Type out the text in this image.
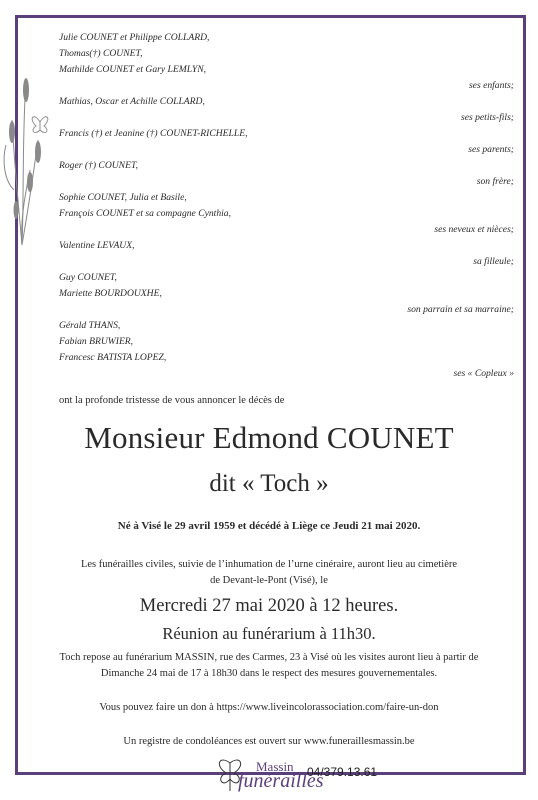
Julie COUNET et Philippe COLLARD,
Thomas(†) COUNET,
Mathilde COUNET et Gary LEMLYN,
ses enfants;
Mathias, Oscar et Achille COLLARD,
ses petits-fils;
Francis (†) et Jeanine (†) COUNET-RICHELLE,
ses parents;
Roger (†) COUNET,
son frère;
Sophie COUNET, Julia et Basile,
François COUNET et sa compagne Cynthia,
ses neveux et nièces;
Valentine LEVAUX,
sa filleule;
Guy COUNET,
Mariette BOURDOUXHE,
son parrain et sa marraine;
Gérald THANS,
Fabian BRUWIER,
Francesc BATISTA LOPEZ,
ses « Copleux »
ont la profonde tristesse de vous annoncer le décès de
Monsieur Edmond COUNET
dit « Toch »
Né à Visé le 29 avril 1959 et décédé à Liège ce Jeudi 21 mai 2020.
Les funérailles civiles, suivie de l’inhumation de l’urne cinéraire, auront lieu au cimetière
de Devant-le-Pont (Visé), le
Mercredi 27 mai 2020 à 12 heures.
Réunion au funérarium à 11h30.
Toch repose au funérarium MASSIN, rue des Carmes, 23 à Visé où les visites auront lieu à partir de
Dimanche 24 mai de 17 à 18h30 dans le respect des mesures gouvernementales.
Vous pouvez faire un don à https://www.liveincolorassociation.com/faire-un-don
Un registre de condoléances est ouvert sur www.funeraillesmassin.be
Massin
funérailles
04/379.13.61
